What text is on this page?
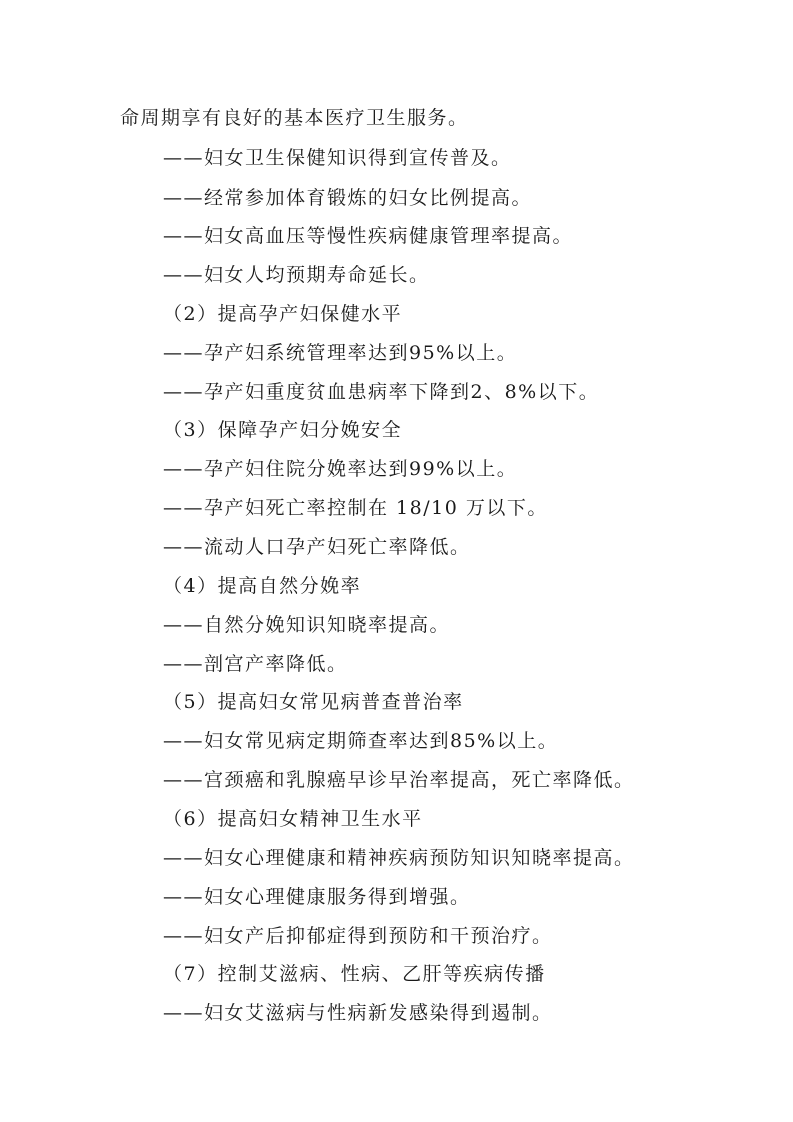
命周期享有良好的基本医疗卫生服务。
——妇女卫生保健知识得到宣传普及。
——经常参加体育锻炼的妇女比例提高。
——妇女高血压等慢性疾病健康管理率提高。
——妇女人均预期寿命延长。
（2）提高孕产妇保健水平
——孕产妇系统管理率达到95%以上。
——孕产妇重度贫血患病率下降到2、8%以下。
（3）保障孕产妇分娩安全
——孕产妇住院分娩率达到99%以上。
——孕产妇死亡率控制在 18/10 万以下。
——流动人口孕产妇死亡率降低。
（4）提高自然分娩率
——自然分娩知识知晓率提高。
——剖宫产率降低。
（5）提高妇女常见病普查普治率
——妇女常见病定期筛查率达到85%以上。
——宫颈癌和乳腺癌早诊早治率提高，死亡率降低。
（6）提高妇女精神卫生水平
——妇女心理健康和精神疾病预防知识知晓率提高。
——妇女心理健康服务得到增强。
——妇女产后抑郁症得到预防和干预治疗。
（7）控制艾滋病、性病、乙肝等疾病传播
——妇女艾滋病与性病新发感染得到遏制。
